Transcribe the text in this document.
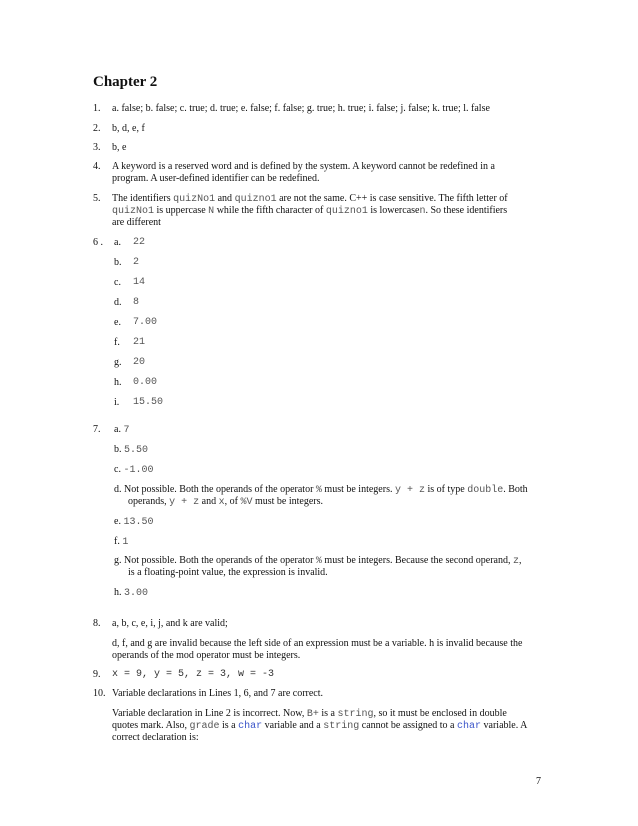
Chapter 2
1. a. false; b. false; c. true; d. true; e. false; f. false; g. true; h. true; i. false; j. false; k. true; l. false
2. b, d, e, f
3. b, e
4. A keyword is a reserved word and is defined by the system. A keyword cannot be redefined in a
program. A user-defined identifier can be redefined.
5. The identifiers quizNo1 and quizno1 are not the same. C++ is case sensitive. The fifth letter of
quizNo1 is uppercase N while the fifth character of quizno1 is lowercasen. So these identifiers
are different
6 . a. 22
b. 2
c. 14
d. 8
e. 7.00
f. 21
g. 20
h. 0.00
i. 15.50
7. a. 7
b. 5.50
c. -1.00
d. Not possible. Both the operands of the operator % must be integers. y + z is of type double. Both
operands, y + z and x, of %V must be integers.
e. 13.50
f. 1
g. Not possible. Both the operands of the operator % must be integers. Because the second operand, z,
is a floating-point value, the expression is invalid.
h. 3.00
8. a, b, c, e, i, j, and k are valid;
d, f, and g are invalid because the left side of an expression must be a variable. h is invalid because the
operands of the mod operator must be integers.
9. x = 9, y = 5, z = 3, w = -3
10. Variable declarations in Lines 1, 6, and 7 are correct.
Variable declaration in Line 2 is incorrect. Now, B+ is a string, so it must be enclosed in double
quotes mark. Also, grade is a char variable and a string cannot be assigned to a char variable. A
correct declaration is:
7
